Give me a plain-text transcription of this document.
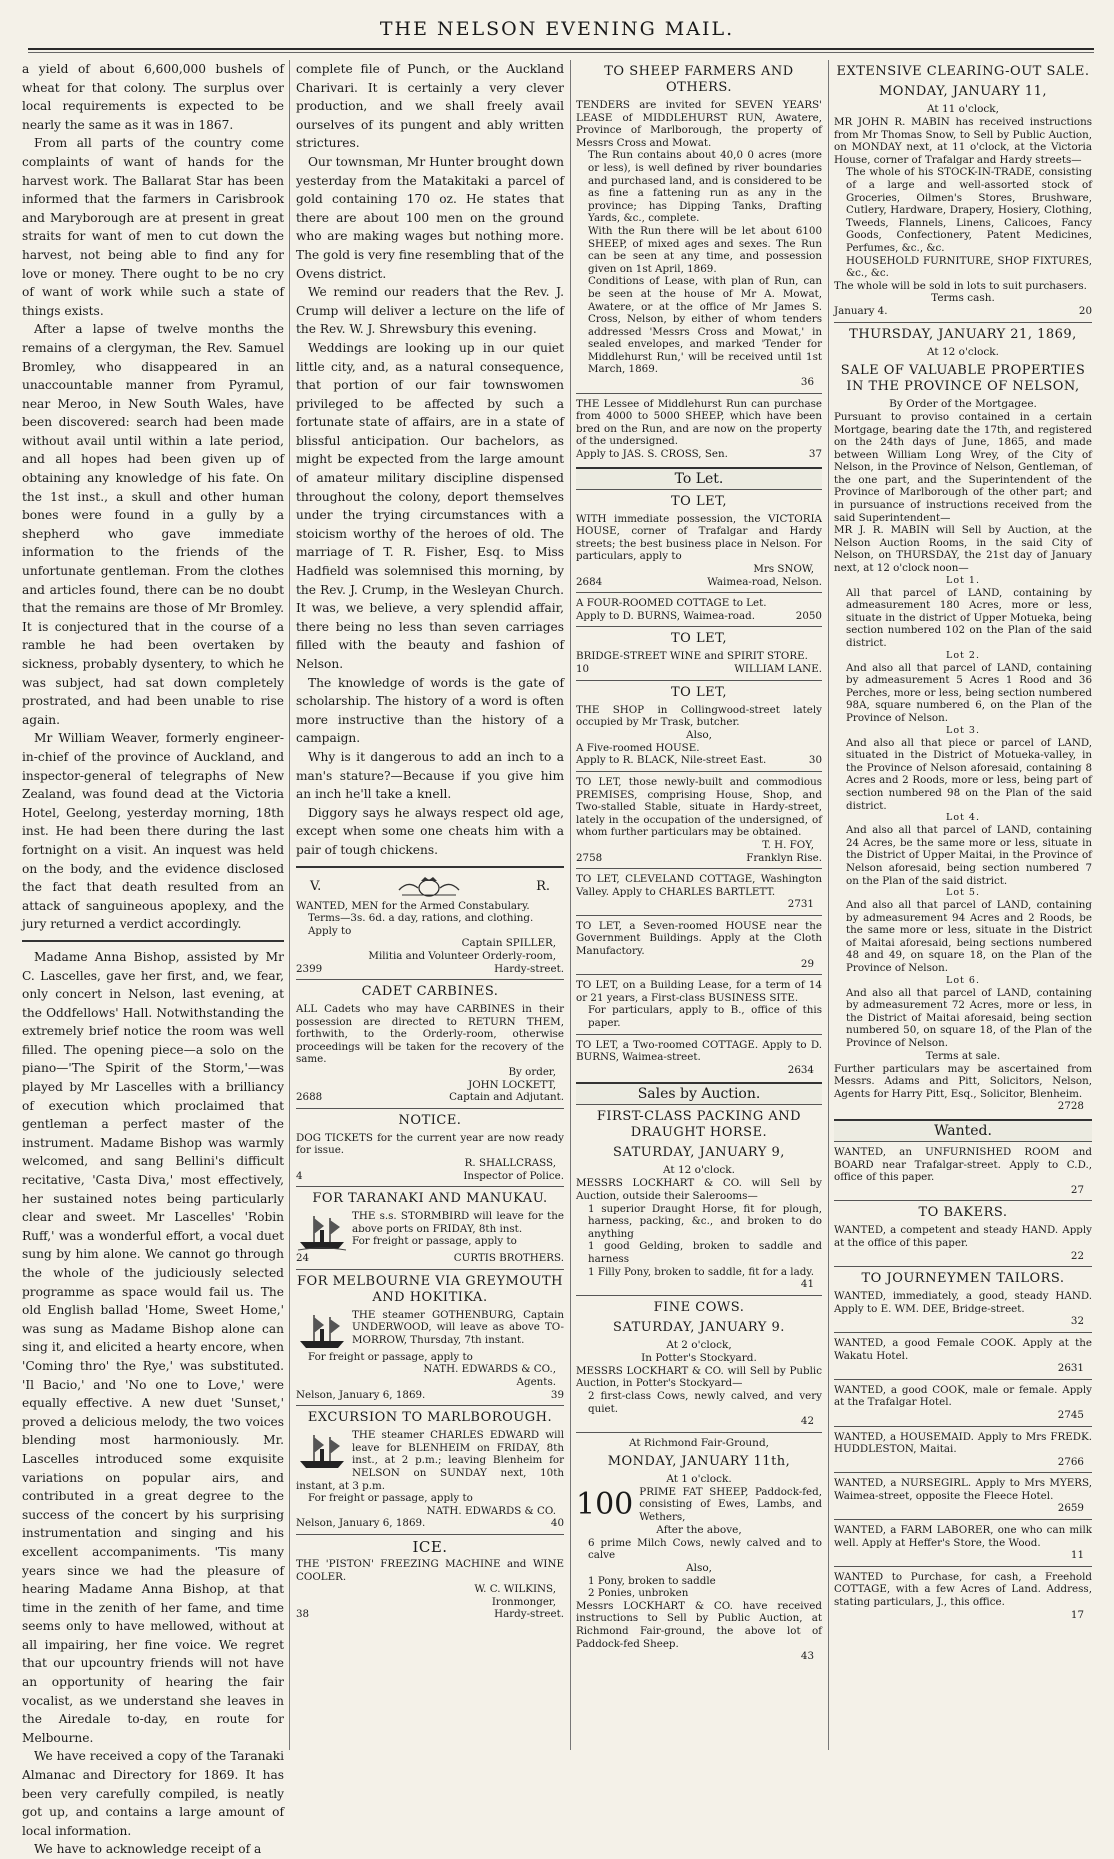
THE NELSON EVENING MAIL.

a yield of about 6,600,000 bushels of wheat for that colony. The surplus over local requirements is expected to be nearly the same as it was in 1867.

From all parts of the country come complaints of want of hands for the harvest work. The Ballarat Star has been informed that the farmers in Carisbrook and Maryborough are at present in great straits for want of men to cut down the harvest, not being able to find any for love or money. There ought to be no cry of want of work while such a state of things exists.

After a lapse of twelve months the remains of a clergyman, the Rev. Samuel Bromley, who disappeared in an unaccountable manner from Pyramul, near Meroo, in New South Wales, have been discovered: search had been made without avail until within a late period, and all hopes had been given up of obtaining any knowledge of his fate. On the 1st inst., a skull and other human bones were found in a gully by a shepherd who gave immediate information to the friends of the unfortunate gentleman. From the clothes and articles found, there can be no doubt that the remains are those of Mr Bromley. It is conjectured that in the course of a ramble he had been overtaken by sickness, probably dysentery, to which he was subject, had sat down completely prostrated, and had been unable to rise again.

Mr William Weaver, formerly engineer-in-chief of the province of Auckland, and inspector-general of telegraphs of New Zealand, was found dead at the Victoria Hotel, Geelong, yesterday morning, 18th inst. He had been there during the last fortnight on a visit. An inquest was held on the body, and the evidence disclosed the fact that death resulted from an attack of sanguineous apoplexy, and the jury returned a verdict accordingly.

Madame Anna Bishop, assisted by Mr C. Lascelles, gave her first, and, we fear, only concert in Nelson, last evening, at the Oddfellows' Hall. Notwithstanding the extremely brief notice the room was well filled. The opening piece—a solo on the piano—'The Spirit of the Storm,'—was played by Mr Lascelles with a brilliancy of execution which proclaimed that gentleman a perfect master of the instrument. Madame Bishop was warmly welcomed, and sang Bellini's difficult recitative, 'Casta Diva,' most effectively, her sustained notes being particularly clear and sweet. Mr Lascelles' 'Robin Ruff,' was a wonderful effort, a vocal duet sung by him alone. We cannot go through the whole of the judiciously selected programme as space would fail us. The old English ballad 'Home, Sweet Home,' was sung as Madame Bishop alone can sing it, and elicited a hearty encore, when 'Coming thro' the Rye,' was substituted. 'Il Bacio,' and 'No one to Love,' were equally effective. A new duet 'Sunset,' proved a delicious melody, the two voices blending most harmoniously. Mr. Lascelles introduced some exquisite variations on popular airs, and contributed in a great degree to the success of the concert by his surprising instrumentation and singing and his excellent accompaniments. 'Tis many years since we had the pleasure of hearing Madame Anna Bishop, at that time in the zenith of her fame, and time seems only to have mellowed, without at all impairing, her fine voice. We regret that our upcountry friends will not have an opportunity of hearing the fair vocalist, as we understand she leaves in the Airedale to-day, en route for Melbourne.

We have received a copy of the Taranaki Almanac and Directory for 1869. It has been very carefully compiled, is neatly got up, and contains a large amount of local information.

We have to acknowledge receipt of a

complete file of Punch, or the Auckland Charivari. It is certainly a very clever production, and we shall freely avail ourselves of its pungent and ably written strictures.

Our townsman, Mr Hunter brought down yesterday from the Matakitaki a parcel of gold containing 170 oz. He states that there are about 100 men on the ground who are making wages but nothing more. The gold is very fine resembling that of the Ovens district.

We remind our readers that the Rev. J. Crump will deliver a lecture on the life of the Rev. W. J. Shrewsbury this evening.

Weddings are looking up in our quiet little city, and, as a natural consequence, that portion of our fair townswomen privileged to be affected by such a fortunate state of affairs, are in a state of blissful anticipation. Our bachelors, as might be expected from the large amount of amateur military discipline dispensed throughout the colony, deport themselves under the trying circumstances with a stoicism worthy of the heroes of old. The marriage of T. R. Fisher, Esq. to Miss Hadfield was solemnised this morning, by the Rev. J. Crump, in the Wesleyan Church. It was, we believe, a very splendid affair, there being no less than seven carriages filled with the beauty and fashion of Nelson.

The knowledge of words is the gate of scholarship. The history of a word is often more instructive than the history of a campaign.

Why is it dangerous to add an inch to a man's stature?—Because if you give him an inch he'll take a knell.

Diggory says he always respect old age, except when some one cheats him with a pair of tough chickens.

V.	R.
WANTED, MEN for the Armed Constabulary.
Terms—3s. 6d. a day, rations, and clothing.
Apply to
Captain SPILLER,
Militia and Volunteer Orderly-room,
2399	Hardy-street.
CADET CARBINES.
ALL Cadets who may have CARBINES in their possession are directed to RETURN THEM, forthwith, to the Orderly-room, otherwise proceedings will be taken for the recovery of the same.
By order,
JOHN LOCKETT,
2688	Captain and Adjutant.
NOTICE.
DOG TICKETS for the current year are now ready for issue.
R. SHALLCRASS,
4	Inspector of Police.
FOR TARANAKI AND MANUKAU.
THE s.s. STORMBIRD will leave for the above ports on FRIDAY, 8th inst.
For freight or passage, apply to
24	CURTIS BROTHERS.
FOR MELBOURNE VIA GREYMOUTH AND HOKITIKA.
THE steamer GOTHENBURG, Captain UNDERWOOD, will leave as above TO-MORROW, Thursday, 7th instant.
For freight or passage, apply to
NATH. EDWARDS & CO.,
Agents.
Nelson, January 6, 1869.	39
EXCURSION TO MARLBOROUGH.
THE steamer CHARLES EDWARD will leave for BLENHEIM on FRIDAY, 8th inst., at 2 p.m.; leaving Blenheim for NELSON on SUNDAY next, 10th instant, at 3 p.m.
For freight or passage, apply to
NATH. EDWARDS & CO.
Nelson, January 6, 1869.	40
ICE.
THE 'PISTON' FREEZING MACHINE and WINE COOLER.
W. C. WILKINS,
Ironmonger,
38	Hardy-street.
TO SHEEP FARMERS AND OTHERS.
TENDERS are invited for SEVEN YEARS' LEASE of MIDDLEHURST RUN, Awatere, Province of Marlborough, the property of Messrs Cross and Mowat.
The Run contains about 40,0 0 acres (more or less), is well defined by river boundaries and purchased land, and is considered to be as fine a fattening run as any in the province; has Dipping Tanks, Drafting Yards, &c., complete.
With the Run there will be let about 6100 SHEEP, of mixed ages and sexes. The Run can be seen at any time, and possession given on 1st April, 1869.
Conditions of Lease, with plan of Run, can be seen at the house of Mr A. Mowat, Awatere, or at the office of Mr James S. Cross, Nelson, by either of whom tenders addressed 'Messrs Cross and Mowat,' in sealed envelopes, and marked 'Tender for Middlehurst Run,' will be received until 1st March, 1869.
36
THE Lessee of Middlehurst Run can purchase from 4000 to 5000 SHEEP, which have been bred on the Run, and are now on the property of the undersigned.
Apply to JAS. S. CROSS, Sen.	37
To Let.
TO LET,
WITH immediate possession, the VICTORIA HOUSE, corner of Trafalgar and Hardy streets; the best business place in Nelson. For particulars, apply to
Mrs SNOW,
2684	Waimea-road, Nelson.
A FOUR-ROOMED COTTAGE to Let.
Apply to D. BURNS, Waimea-road.	2050
TO LET,
BRIDGE-STREET WINE and SPIRIT STORE.
10	WILLIAM LANE.
TO LET,
THE SHOP in Collingwood-street lately occupied by Mr Trask, butcher.
Also,
A Five-roomed HOUSE.
Apply to R. BLACK, Nile-street East.	30
TO LET, those newly-built and commodious PREMISES, comprising House, Shop, and Two-stalled Stable, situate in Hardy-street, lately in the occupation of the undersigned, of whom further particulars may be obtained.
T. H. FOY,
2758	Franklyn Rise.
TO LET, CLEVELAND COTTAGE, Washington Valley. Apply to CHARLES BARTLETT.
2731
TO LET, a Seven-roomed HOUSE near the Government Buildings. Apply at the Cloth Manufactory.
29
TO LET, on a Building Lease, for a term of 14 or 21 years, a First-class BUSINESS SITE.
For particulars, apply to B., office of this paper.
TO LET, a Two-roomed COTTAGE. Apply to D. BURNS, Waimea-street.
2634
Sales by Auction.
FIRST-CLASS PACKING AND DRAUGHT HORSE.
SATURDAY, JANUARY 9,
At 12 o'clock.
MESSRS LOCKHART & CO. will Sell by Auction, outside their Salerooms—
1 superior Draught Horse, fit for plough, harness, packing, &c., and broken to do anything
1 good Gelding, broken to saddle and harness
1 Filly Pony, broken to saddle, fit for a lady.
41
FINE COWS.
SATURDAY, JANUARY 9.
At 2 o'clock,
In Potter's Stockyard.
MESSRS LOCKHART & CO. will Sell by Public Auction, in Potter's Stockyard—
2 first-class Cows, newly calved, and very quiet.
42
At Richmond Fair-Ground,
MONDAY, JANUARY 11th,
At 1 o'clock.
100 PRIME FAT SHEEP, Paddock-fed, consisting of Ewes, Lambs, and Wethers,
After the above,
6 prime Milch Cows, newly calved and to calve
Also,
1 Pony, broken to saddle
2 Ponies, unbroken
Messrs LOCKHART & CO. have received instructions to Sell by Public Auction, at Richmond Fair-ground, the above lot of Paddock-fed Sheep.
43
EXTENSIVE CLEARING-OUT SALE.
MONDAY, JANUARY 11,
At 11 o'clock,
MR JOHN R. MABIN has received instructions from Mr Thomas Snow, to Sell by Public Auction, on MONDAY next, at 11 o'clock, at the Victoria House, corner of Trafalgar and Hardy streets—
The whole of his STOCK-IN-TRADE, consisting of a large and well-assorted stock of Groceries, Oilmen's Stores, Brushware, Cutlery, Hardware, Drapery, Hosiery, Clothing, Tweeds, Flannels, Linens, Calicoes, Fancy Goods, Confectionery, Patent Medicines, Perfumes, &c., &c.
HOUSEHOLD FURNITURE, SHOP FIXTURES, &c., &c.
The whole will be sold in lots to suit purchasers.
Terms cash.
January 4.	20
THURSDAY, JANUARY 21, 1869,
At 12 o'clock.
SALE OF VALUABLE PROPERTIES IN THE PROVINCE OF NELSON,
By Order of the Mortgagee.
Pursuant to proviso contained in a certain Mortgage, bearing date the 17th, and registered on the 24th days of June, 1865, and made between William Long Wrey, of the City of Nelson, in the Province of Nelson, Gentleman, of the one part, and the Superintendent of the Province of Marlborough of the other part; and in pursuance of instructions received from the said Superintendent—
MR J. R. MABIN will Sell by Auction, at the Nelson Auction Rooms, in the said City of Nelson, on THURSDAY, the 21st day of January next, at 12 o'clock noon—
Lot 1.
All that parcel of LAND, containing by admeasurement 180 Acres, more or less, situate in the district of Upper Motueka, being section numbered 102 on the Plan of the said district.
Lot 2.
And also all that parcel of LAND, containing by admeasurement 5 Acres 1 Rood and 36 Perches, more or less, being section numbered 98A, square numbered 6, on the Plan of the Province of Nelson.
Lot 3.
And also all that piece or parcel of LAND, situated in the District of Motueka-valley, in the Province of Nelson aforesaid, containing 8 Acres and 2 Roods, more or less, being part of section numbered 98 on the Plan of the said district.
Lot 4.
And also all that parcel of LAND, containing 24 Acres, be the same more or less, situate in the District of Upper Maitai, in the Province of Nelson aforesaid, being section numbered 7 on the Plan of the said district.
Lot 5.
And also all that parcel of LAND, containing by admeasurement 94 Acres and 2 Roods, be the same more or less, situate in the District of Maitai aforesaid, being sections numbered 48 and 49, on square 18, on the Plan of the Province of Nelson.
Lot 6.
And also all that parcel of LAND, containing by admeasurement 72 Acres, more or less, in the District of Maitai aforesaid, being section numbered 50, on square 18, of the Plan of the Province of Nelson.
Terms at sale.
Further particulars may be ascertained from Messrs. Adams and Pitt, Solicitors, Nelson, Agents for Harry Pitt, Esq., Solicitor, Blenheim.
2728
Wanted.
WANTED, an UNFURNISHED ROOM and BOARD near Trafalgar-street. Apply to C.D., office of this paper.
27
TO BAKERS.
WANTED, a competent and steady HAND. Apply at the office of this paper.
22
TO JOURNEYMEN TAILORS.
WANTED, immediately, a good, steady HAND. Apply to E. WM. DEE, Bridge-street.
32
WANTED, a good Female COOK. Apply at the Wakatu Hotel.
2631
WANTED, a good COOK, male or female. Apply at the Trafalgar Hotel.
2745
WANTED, a HOUSEMAID. Apply to Mrs FREDK. HUDDLESTON, Maitai.
2766
WANTED, a NURSEGIRL. Apply to Mrs MYERS, Waimea-street, opposite the Fleece Hotel.
2659
WANTED, a FARM LABORER, one who can milk well. Apply at Heffer's Store, the Wood.
11
WANTED to Purchase, for cash, a Freehold COTTAGE, with a few Acres of Land. Address, stating particulars, J., this office.
17
